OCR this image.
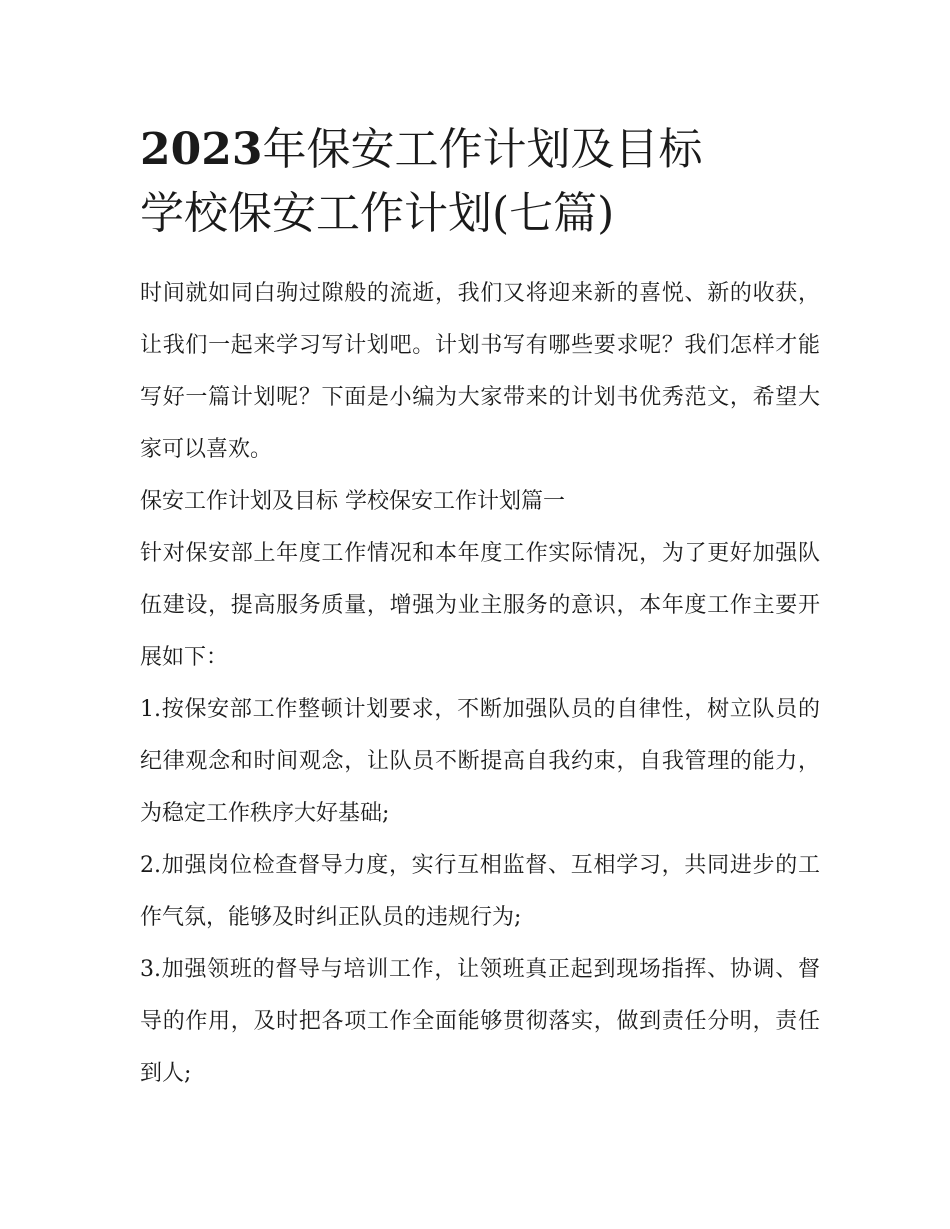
2023年保安工作计划及目标
学校保安工作计划(七篇)

时间就如同白驹过隙般的流逝，我们又将迎来新的喜悦、新的收获，让我们一起来学习写计划吧。计划书写有哪些要求呢？我们怎样才能写好一篇计划呢？下面是小编为大家带来的计划书优秀范文，希望大家可以喜欢。

保安工作计划及目标 学校保安工作计划篇一

针对保安部上年度工作情况和本年度工作实际情况，为了更好加强队伍建设，提高服务质量，增强为业主服务的意识，本年度工作主要开展如下：

1.按保安部工作整顿计划要求，不断加强队员的自律性，树立队员的纪律观念和时间观念，让队员不断提高自我约束，自我管理的能力，为稳定工作秩序大好基础;

2.加强岗位检查督导力度，实行互相监督、互相学习，共同进步的工作气氛，能够及时纠正队员的违规行为;

3.加强领班的督导与培训工作，让领班真正起到现场指挥、协调、督导的作用，及时把各项工作全面能够贯彻落实，做到责任分明，责任到人;
